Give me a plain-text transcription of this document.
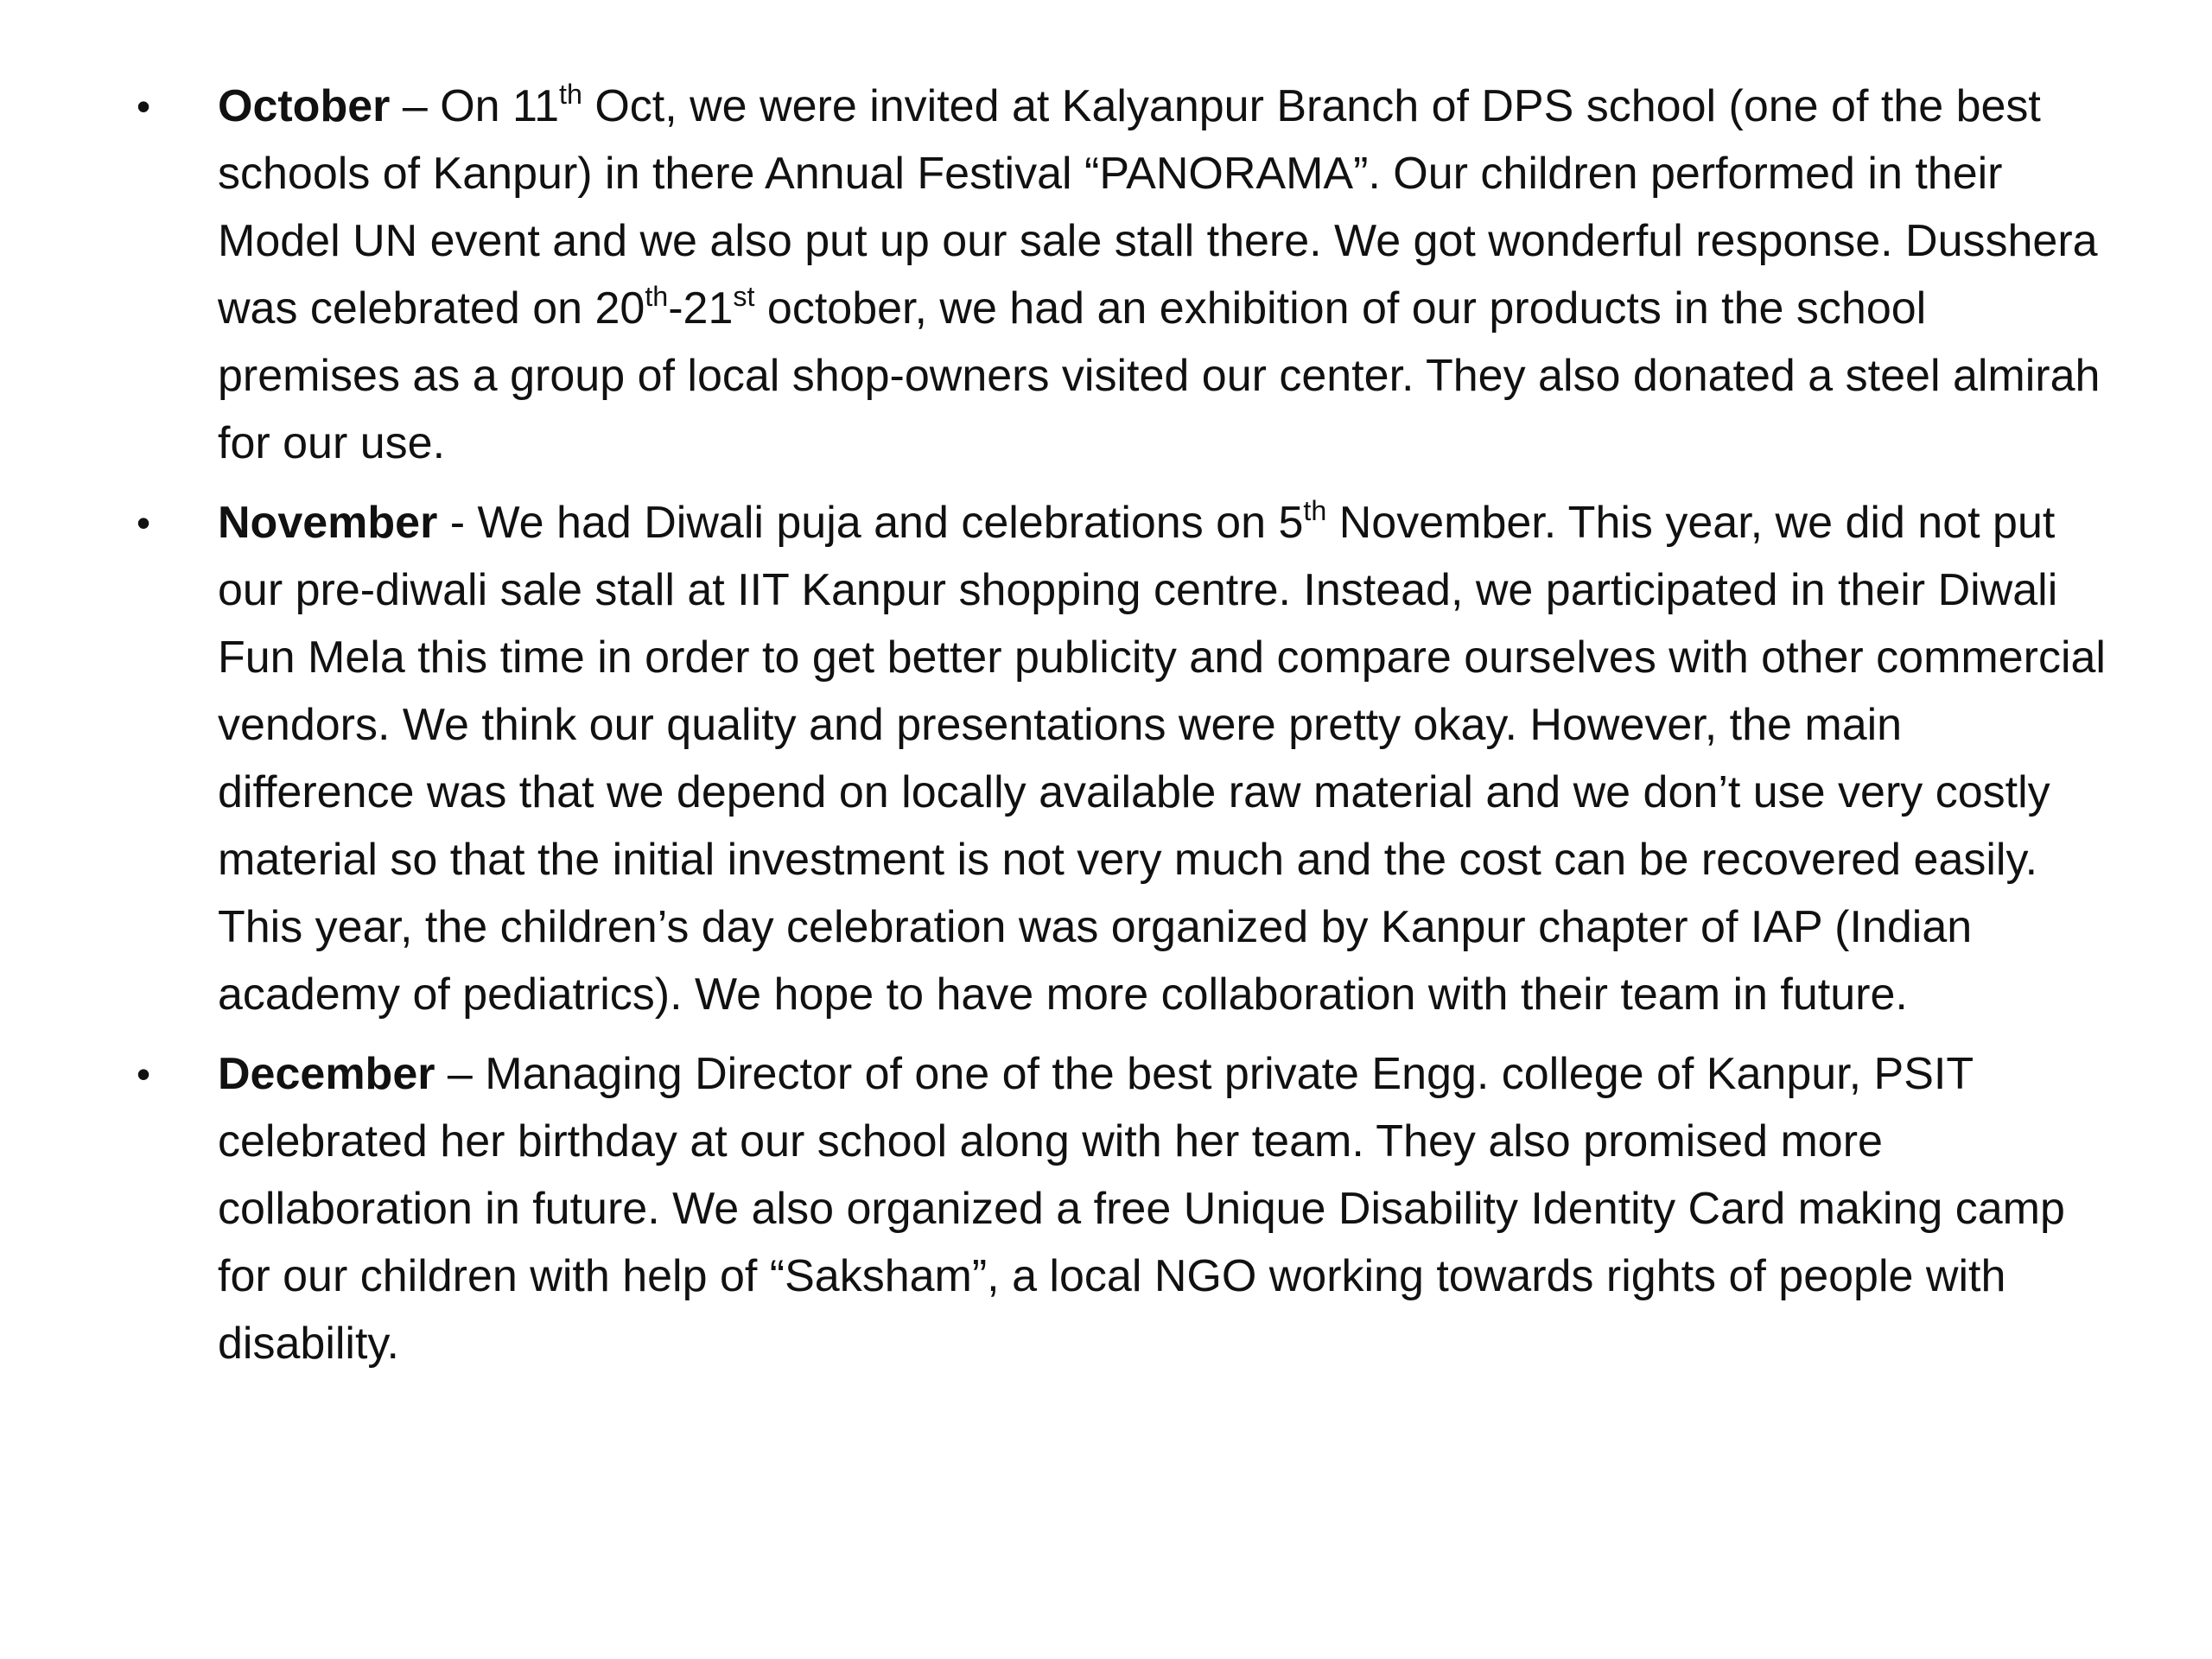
• October – On 11th Oct, we were invited at Kalyanpur Branch of DPS school (one of the best schools of Kanpur) in there Annual Festival “PANORAMA”. Our children performed in their Model UN event and we also put up our sale stall there. We got wonderful response. Dusshera was celebrated on 20th-21st october, we had an exhibition of our products in the school premises as a group of local shop-owners visited our center. They also donated a steel almirah for our use.
• November - We had Diwali puja and celebrations on 5th November. This year, we did not put our pre-diwali sale stall at IIT Kanpur shopping centre. Instead, we participated in their Diwali Fun Mela this time in order to get better publicity and compare ourselves with other commercial vendors. We think our quality and presentations were pretty okay. However, the main difference was that we depend on locally available raw material and we don’t use very costly material so that the initial investment is not very much and the cost can be recovered easily. This year, the children’s day celebration was organized by Kanpur chapter of IAP (Indian academy of pediatrics). We hope to have more collaboration with their team in future.
• December – Managing Director of one of the best private Engg. college of Kanpur, PSIT celebrated her birthday at our school along with her team. They also promised more collaboration in future. We also organized a free Unique Disability Identity Card making camp for our children with help of “Saksham”, a local NGO working towards rights of people with disability.
